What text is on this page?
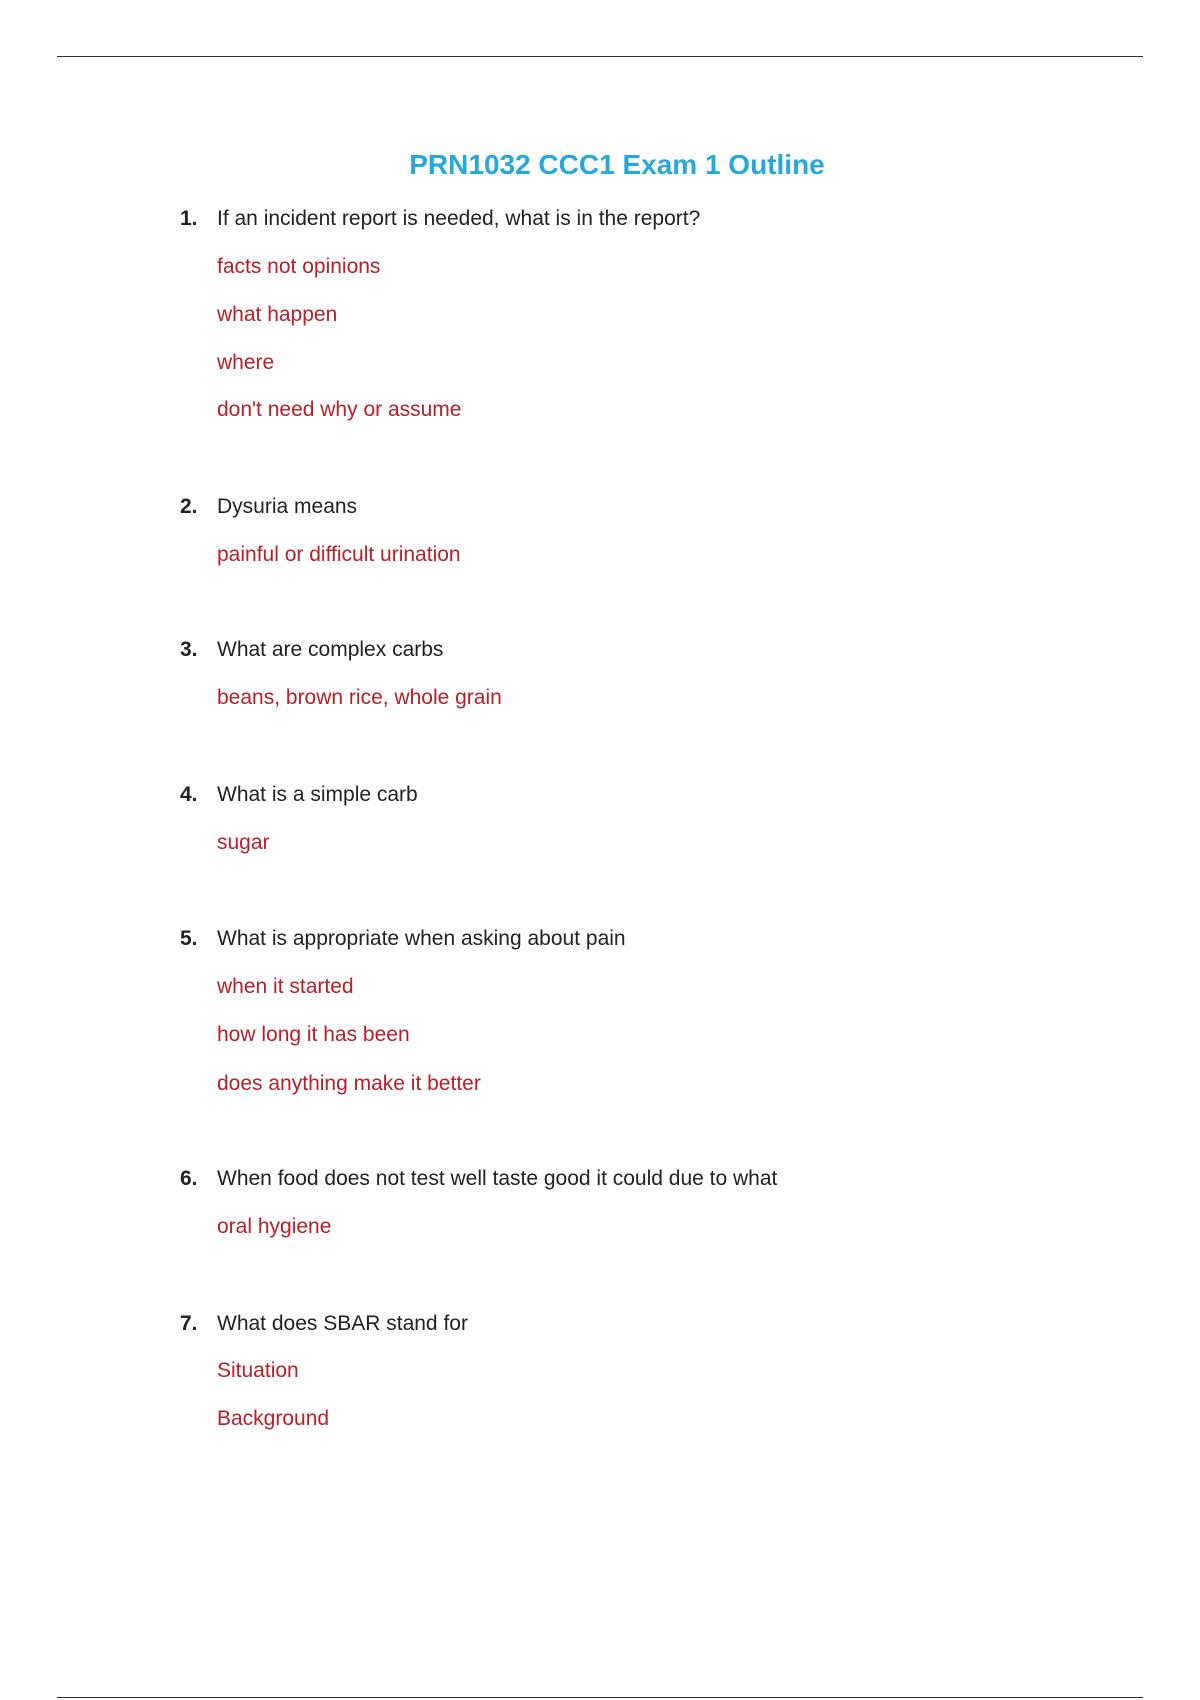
PRN1032 CCC1 Exam 1 Outline
1. If an incident report is needed, what is in the report?
facts not opinions
what happen
where
don't need why or assume
2. Dysuria means
painful or difficult urination
3. What are complex carbs
beans, brown rice, whole grain
4. What is a simple carb
sugar
5. What is appropriate when asking about pain
when it started
how long it has been
does anything make it better
6. When food does not test well taste good it could due to what
oral hygiene
7. What does SBAR stand for
Situation
Background
